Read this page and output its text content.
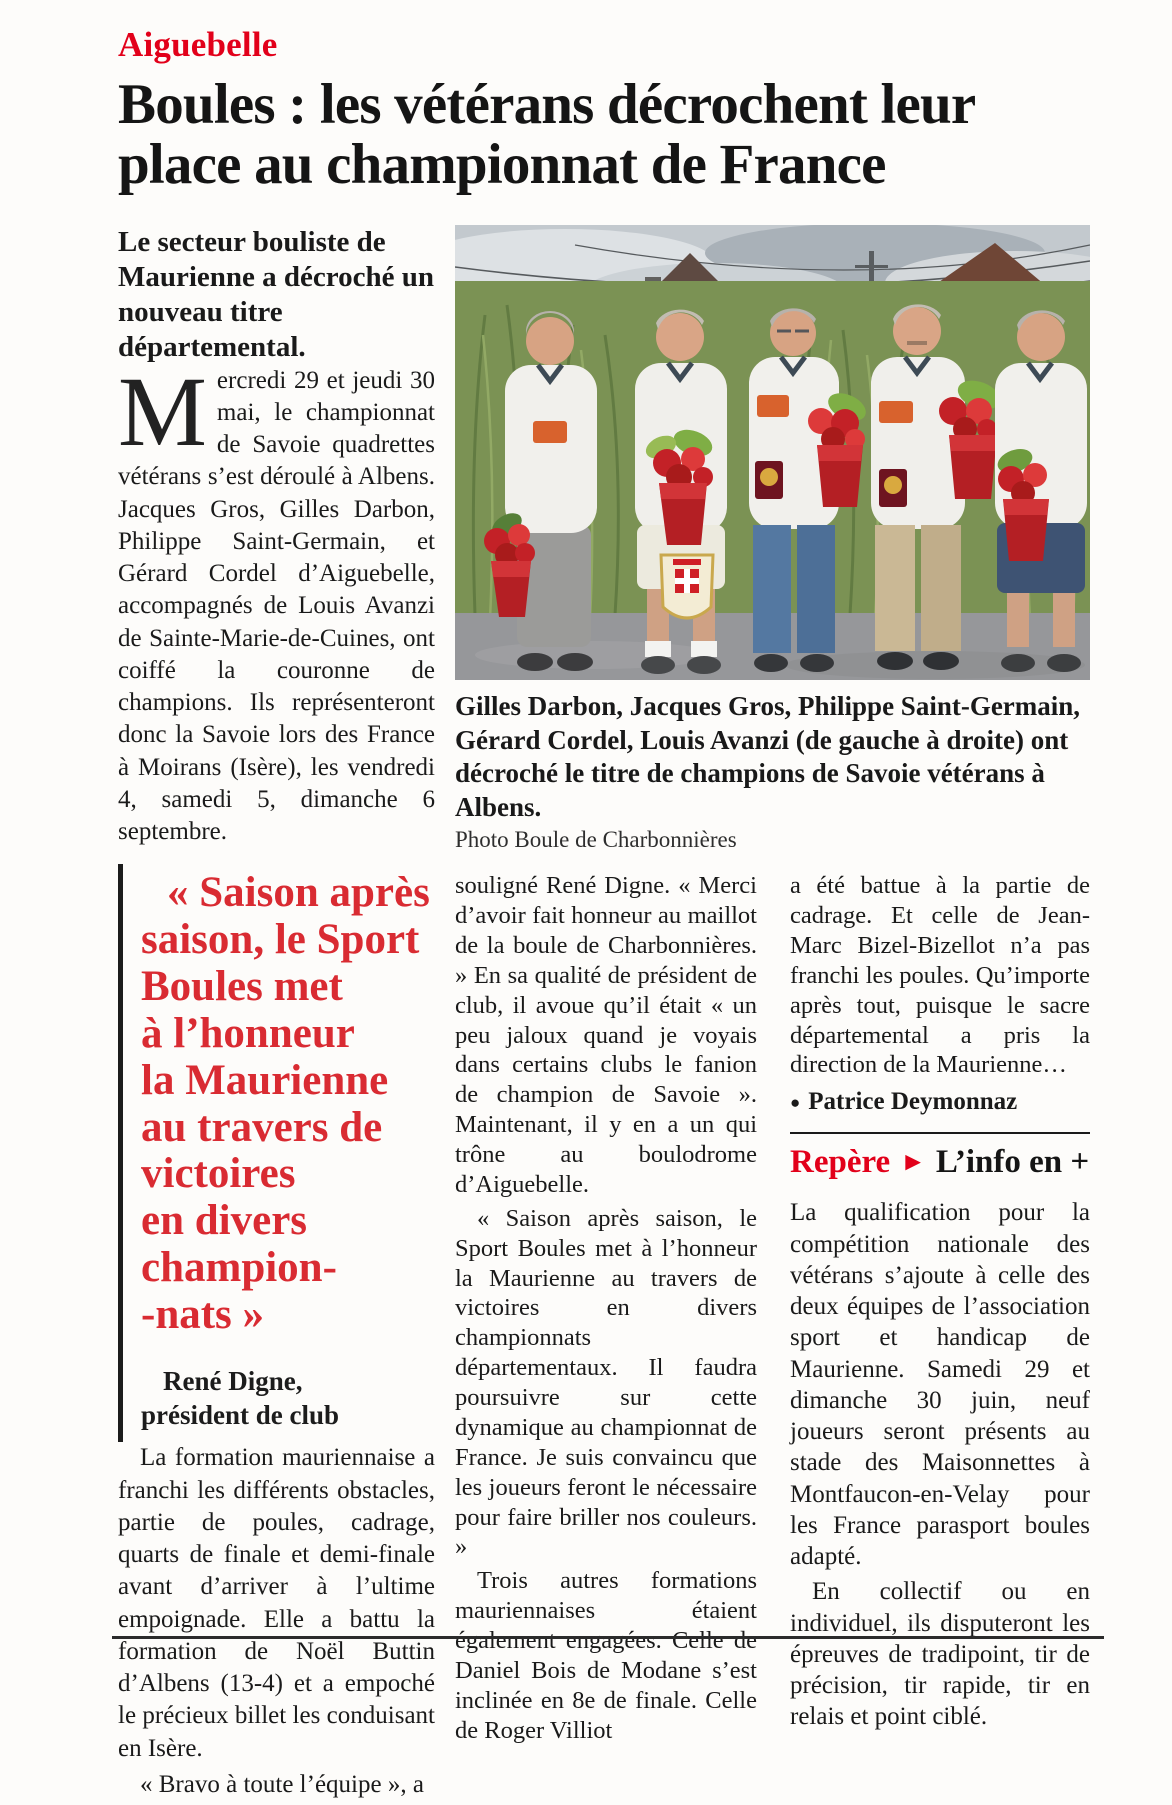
Aiguebelle
Boules : les vétérans décrochent leur
place au championnat de France
Le secteur bouliste de Maurienne a décroché un nouveau titre départemental.

Mercredi 29 et jeudi 30 mai, le championnat de Savoie quadrettes vétérans s’est déroulé à Albens. Jacques Gros, Gilles Darbon, Philippe Saint-Germain, et Gérard Cordel d’Aiguebelle, accompagnés de Louis Avanzi de Sainte-Marie-de-Cuines, ont coiffé la couronne de champions. Ils représenteront donc la Savoie lors des France à Moirans (Isère), les vendredi 4, samedi 5, dimanche 6 septembre.

« Saison après
saison, le Sport
Boules met
à l’honneur
la Maurienne
au travers de
victoires
en divers
champion-
-nats »
René Digne,
président de club

La formation mauriennaise a franchi les différents obstacles, partie de poules, cadrage, quarts de finale et demi-finale avant d’arriver à l’ultime empoignade. Elle a battu la formation de Noël Buttin d’Albens (13-4) et a empoché le précieux billet les conduisant en Isère.

« Bravo à toute l’équipe », a

Gilles Darbon, Jacques Gros, Philippe Saint-Germain, Gérard Cordel, Louis Avanzi (de gauche à droite) ont décroché le titre de champions de Savoie vétérans à Albens.
Photo Boule de Charbonnières

souligné René Digne. « Merci d’avoir fait honneur au maillot de la boule de Charbonnières. » En sa qualité de président de club, il avoue qu’il était « un peu jaloux quand je voyais dans certains clubs le fanion de champion de Savoie ». Maintenant, il y en a un qui trône au boulodrome d’Aiguebelle.

« Saison après saison, le Sport Boules met à l’honneur la Maurienne au travers de victoires en divers championnats départementaux. Il faudra poursuivre sur cette dynamique au championnat de France. Je suis convaincu que les joueurs feront le nécessaire pour faire briller nos couleurs. »

Trois autres formations mauriennaises étaient également engagées. Celle de Daniel Bois de Modane s’est inclinée en 8e de finale. Celle de Roger Villiot

a été battue à la partie de cadrage. Et celle de Jean-Marc Bizel-Bizellot n’a pas franchi les poules. Qu’importe après tout, puisque le sacre départemental a pris la direction de la Maurienne…

● Patrice Deymonnaz
Repère ► L’info en +

La qualification pour la compétition nationale des vétérans s’ajoute à celle des deux équipes de l’association sport et handicap de Maurienne. Samedi 29 et dimanche 30 juin, neuf joueurs seront présents au stade des Maisonnettes à Montfaucon-en-Velay pour les France parasport boules adapté.

En collectif ou en individuel, ils disputeront les épreuves de tradipoint, tir de précision, tir rapide, tir en relais et point ciblé.
